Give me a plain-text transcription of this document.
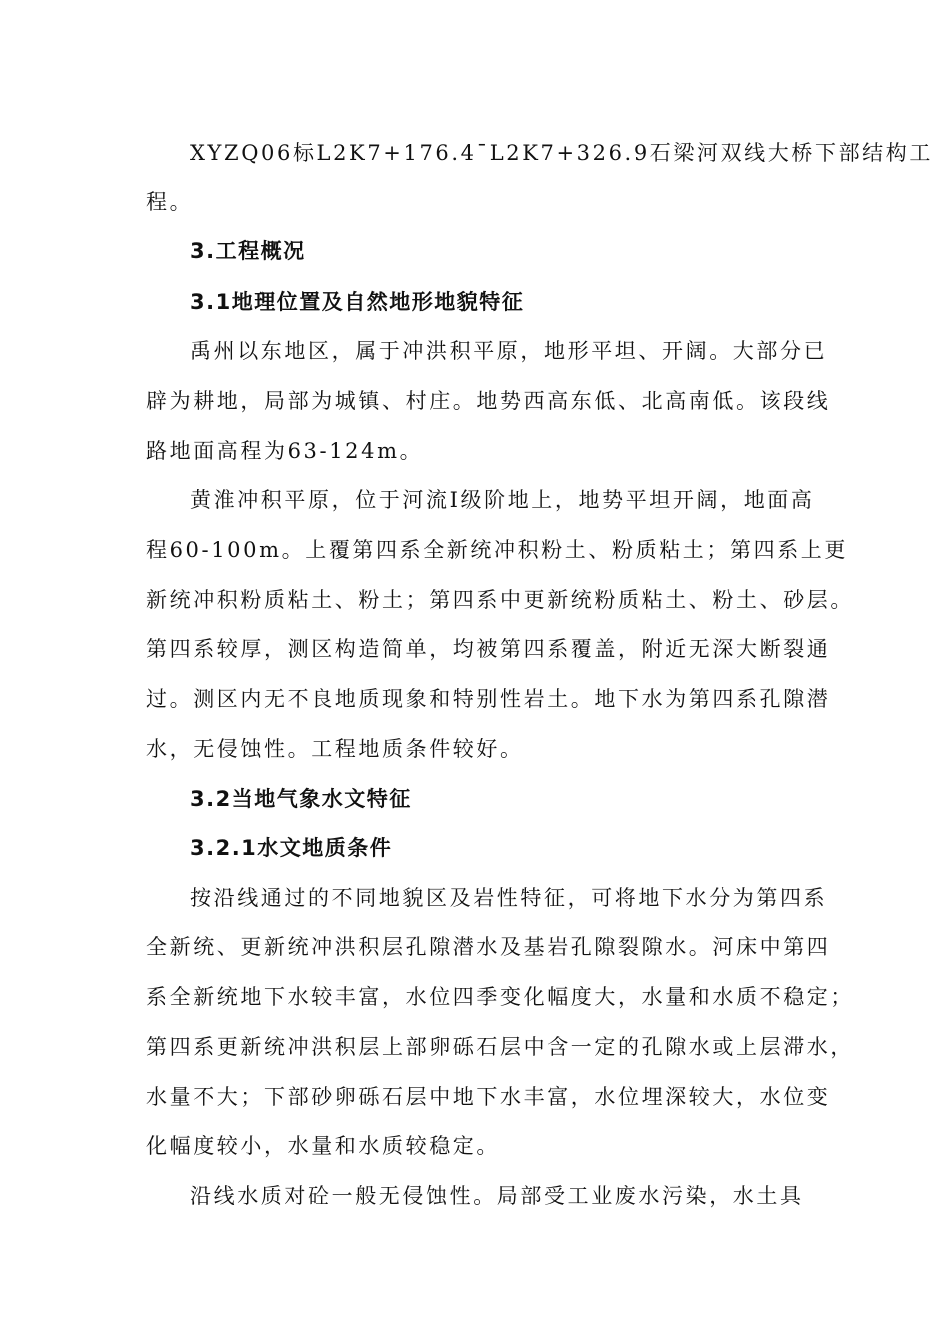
XYZQ06标L2K7+176.4¯L2K7+326.9石梁河双线大桥下部结构工
程。
3.工程概况
3.1地理位置及自然地形地貌特征
禹州以东地区，属于冲洪积平原，地形平坦、开阔。大部分已
辟为耕地，局部为城镇、村庄。地势西高东低、北高南低。该段线
路地面高程为63-124m。
黄淮冲积平原，位于河流Ⅰ级阶地上，地势平坦开阔，地面高
程60-100m。上覆第四系全新统冲积粉土、粉质粘土；第四系上更
新统冲积粉质粘土、粉土；第四系中更新统粉质粘土、粉土、砂层。
第四系较厚，测区构造简单，均被第四系覆盖，附近无深大断裂通
过。测区内无不良地质现象和特别性岩土。地下水为第四系孔隙潜
水，无侵蚀性。工程地质条件较好。
3.2当地气象水文特征
3.2.1水文地质条件
按沿线通过的不同地貌区及岩性特征，可将地下水分为第四系
全新统、更新统冲洪积层孔隙潜水及基岩孔隙裂隙水。河床中第四
系全新统地下水较丰富，水位四季变化幅度大，水量和水质不稳定；
第四系更新统冲洪积层上部卵砾石层中含一定的孔隙水或上层滞水，
水量不大；下部砂卵砾石层中地下水丰富，水位埋深较大，水位变
化幅度较小，水量和水质较稳定。
沿线水质对砼一般无侵蚀性。局部受工业废水污染，水土具
